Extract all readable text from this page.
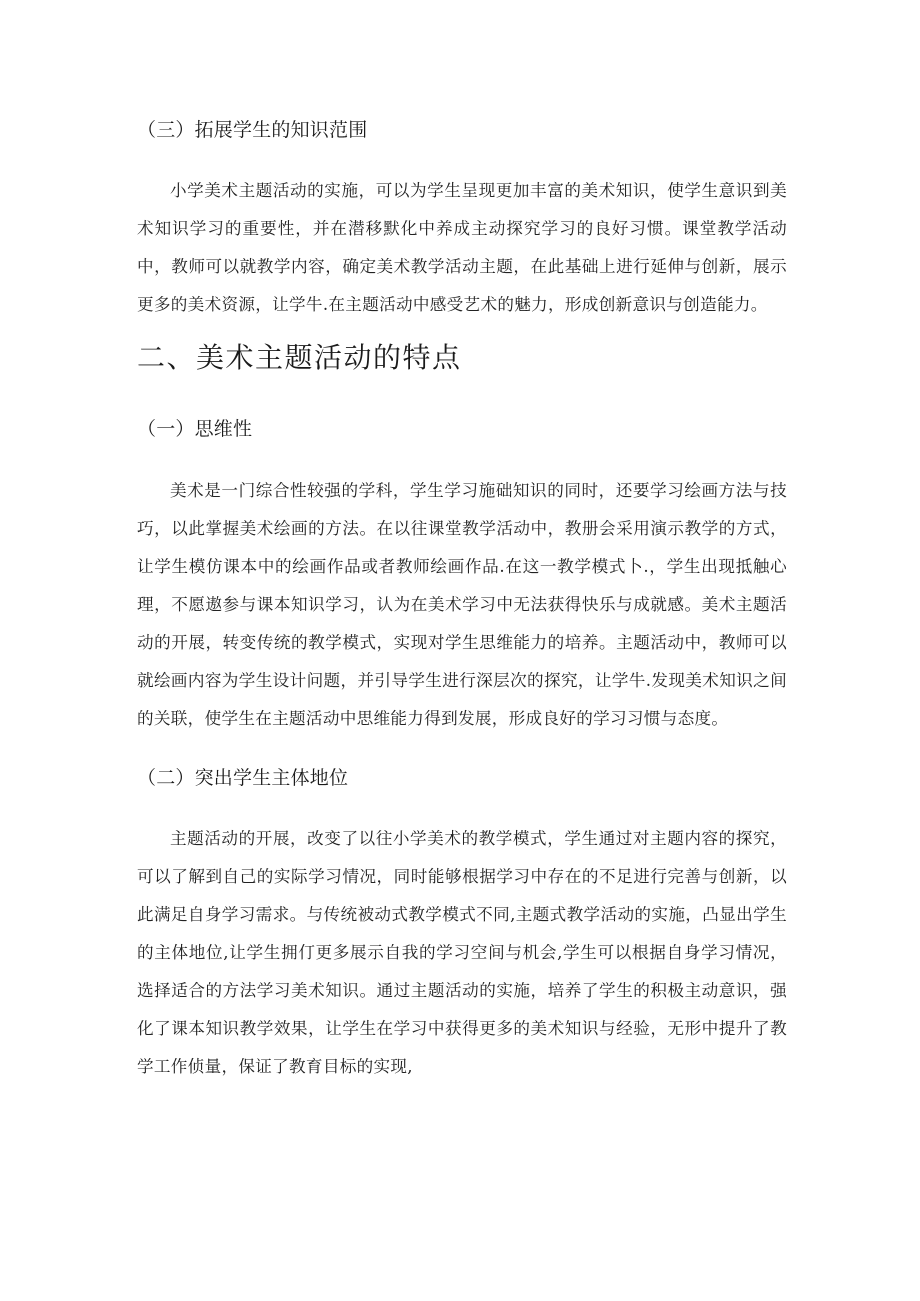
（三）拓展学生的知识范围

小学美术主题活动的实施，可以为学生呈现更加丰富的美术知识，使学生意识到美术知识学习的重要性，并在潜移默化中养成主动探究学习的良好习惯。课堂教学活动中，教师可以就教学内容，确定美术教学活动主题，在此基础上进行延伸与创新，展示更多的美术资源，让学牛.在主题活动中感受艺术的魅力，形成创新意识与创造能力。

二、美术主题活动的特点
（一）思维性

美术是一门综合性较强的学科，学生学习施础知识的同时，还要学习绘画方法与技巧，以此掌握美术绘画的方法。在以往课堂教学活动中，教册会采用演示教学的方式，让学生模仿课本中的绘画作品或者教师绘画作品.在这一教学模式卜.，学生出现抵触心理，不愿遨参与课本知识学习，认为在美术学习中无法获得快乐与成就感。美术主题活动的开展，转变传统的教学模式，实现对学生思维能力的培养。主题活动中，教师可以就绘画内容为学生设计问题，并引导学生进行深层次的探究，让学牛.发现美术知识之间的关联，使学生在主题活动中思维能力得到发展，形成良好的学习习惯与态度。

（二）突出学生主体地位

主题活动的开展，改变了以往小学美术的教学模式，学生通过对主题内容的探究，可以了解到自己的实际学习情况，同时能够根据学习中存在的不足进行完善与创新，以此满足自身学习需求。与传统被动式教学模式不同,主题式教学活动的实施，凸显出学生的主体地位,让学生拥仃更多展示自我的学习空间与机会,学生可以根据自身学习情况，选择适合的方法学习美术知识。通过主题活动的实施，培养了学生的积极主动意识，强化了课本知识教学效果，让学生在学习中获得更多的美术知识与经验，无形中提升了教学工作侦量，保证了教育目标的实现,
